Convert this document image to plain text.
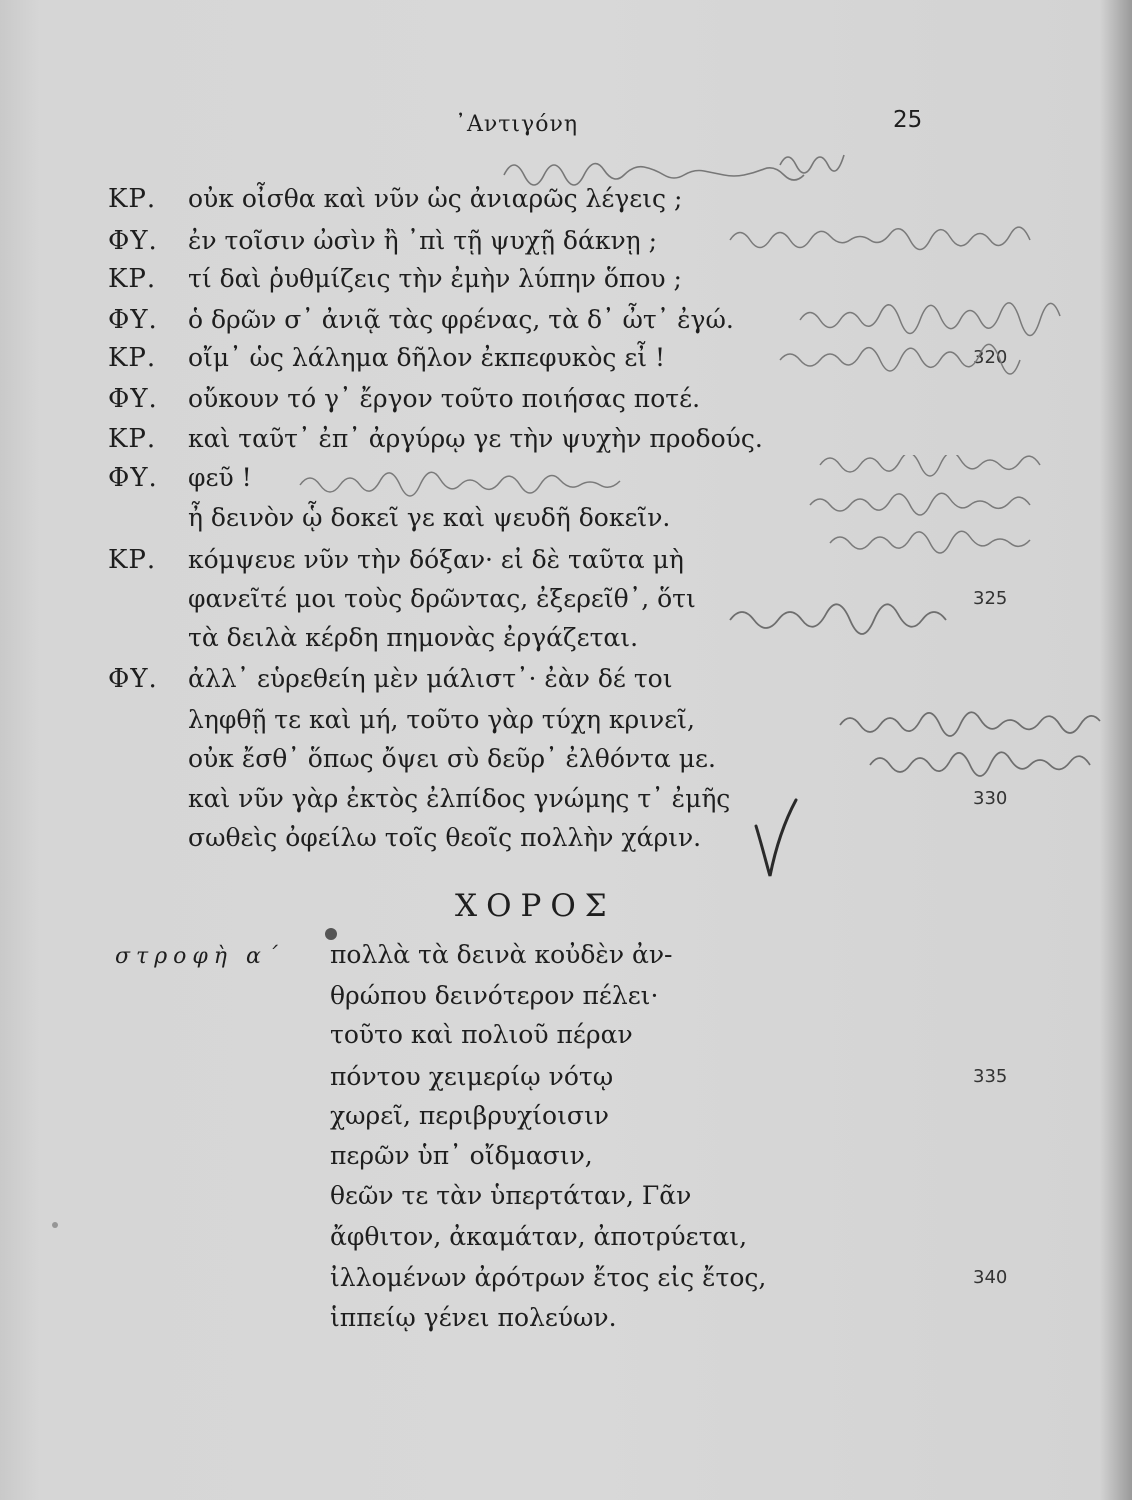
᾿Αντιγόνη	25
ΚΡ. οὐκ οἶσθα καὶ νῦν ὡς ἀνιαρῶς λέγεις ;
ΦΥ. ἐν τοῖσιν ὠσὶν ἢ ᾿πὶ τῇ ψυχῇ δάκνῃ ;
ΚΡ. τί δαὶ ῥυθμίζεις τὴν ἐμὴν λύπην ὅπου ;
ΦΥ. ὁ δρῶν σ᾿ ἀνιᾷ τὰς φρένας, τὰ δ᾿ ὦτ᾿ ἐγώ.
ΚΡ. οἴμ᾿ ὡς λάλημα δῆλον ἐκπεφυκὸς εἶ !	320
ΦΥ. οὔκουν τό γ᾿ ἔργον τοῦτο ποιήσας ποτέ.
ΚΡ. καὶ ταῦτ᾿ ἐπ᾿ ἀργύρῳ γε τὴν ψυχὴν προδούς.
ΦΥ. φεῦ !
ἦ δεινὸν ᾧ δοκεῖ γε καὶ ψευδῆ δοκεῖν.
ΚΡ. κόμψευε νῦν τὴν δόξαν· εἰ δὲ ταῦτα μὴ
φανεῖτέ μοι τοὺς δρῶντας, ἐξερεῖθ᾿, ὅτι	325
τὰ δειλὰ κέρδη πημονὰς ἐργάζεται.
ΦΥ. ἀλλ᾿ εὑρεθείη μὲν μάλιστ᾿· ἐὰν δέ τοι
ληφθῇ τε καὶ μή, τοῦτο γὰρ τύχη κρινεῖ,
οὐκ ἔσθ᾿ ὅπως ὄψει σὺ δεῦρ᾿ ἐλθόντα με.
καὶ νῦν γὰρ ἐκτὸς ἐλπίδος γνώμης τ᾿ ἐμῆς	330
σωθεὶς ὀφείλω τοῖς θεοῖς πολλὴν χάριν.
ΧΟΡΟΣ
στροφὴ α´ πολλὰ τὰ δεινὰ κοὐδὲν ἀν-
θρώπου δεινότερον πέλει·
τοῦτο καὶ πολιοῦ πέραν
πόντου χειμερίῳ νότῳ	335
χωρεῖ, περιβρυχίοισιν
περῶν ὑπ᾿ οἴδμασιν,
θεῶν τε τὰν ὑπερτάταν, Γᾶν
ἄφθιτον, ἀκαμάταν, ἀποτρύεται,
ἰλλομένων ἀρότρων ἔτος εἰς ἔτος,	340
ἱππείῳ γένει πολεύων.
